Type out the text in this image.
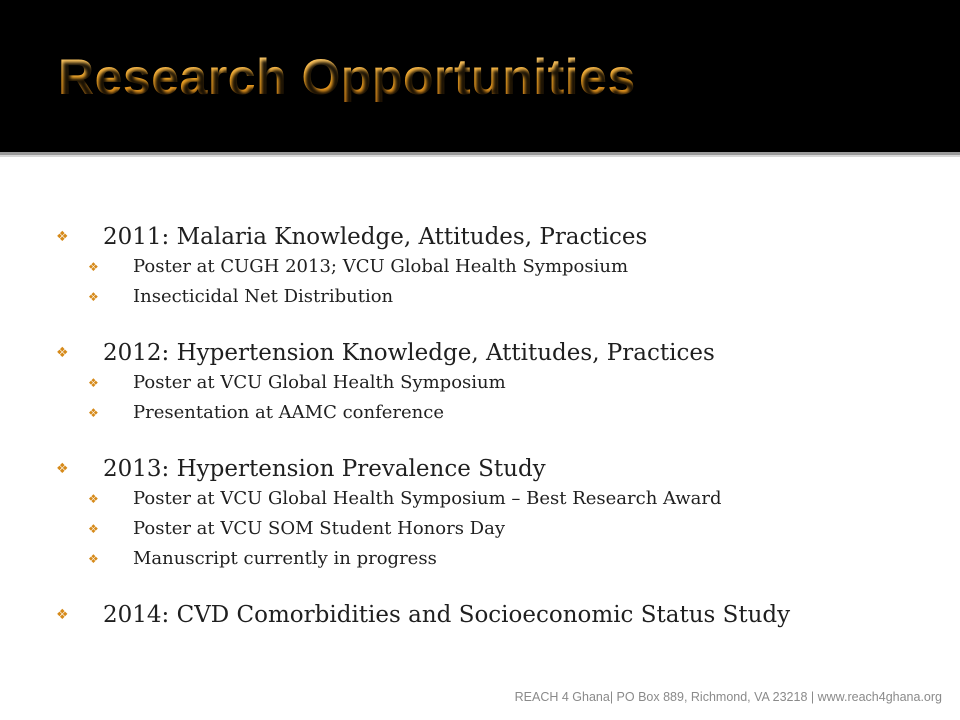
Research Opportunities
❖ 2011: Malaria Knowledge, Attitudes, Practices
❖ Poster at CUGH 2013; VCU Global Health Symposium
❖ Insecticidal Net Distribution
❖ 2012: Hypertension Knowledge, Attitudes, Practices
❖ Poster at VCU Global Health Symposium
❖ Presentation at AAMC conference
❖ 2013: Hypertension Prevalence Study
❖ Poster at VCU Global Health Symposium – Best Research Award
❖ Poster at VCU SOM Student Honors Day
❖ Manuscript currently in progress
❖ 2014: CVD Comorbidities and Socioeconomic Status Study
REACH 4 Ghana| PO Box 889, Richmond, VA 23218 | www.reach4ghana.org
